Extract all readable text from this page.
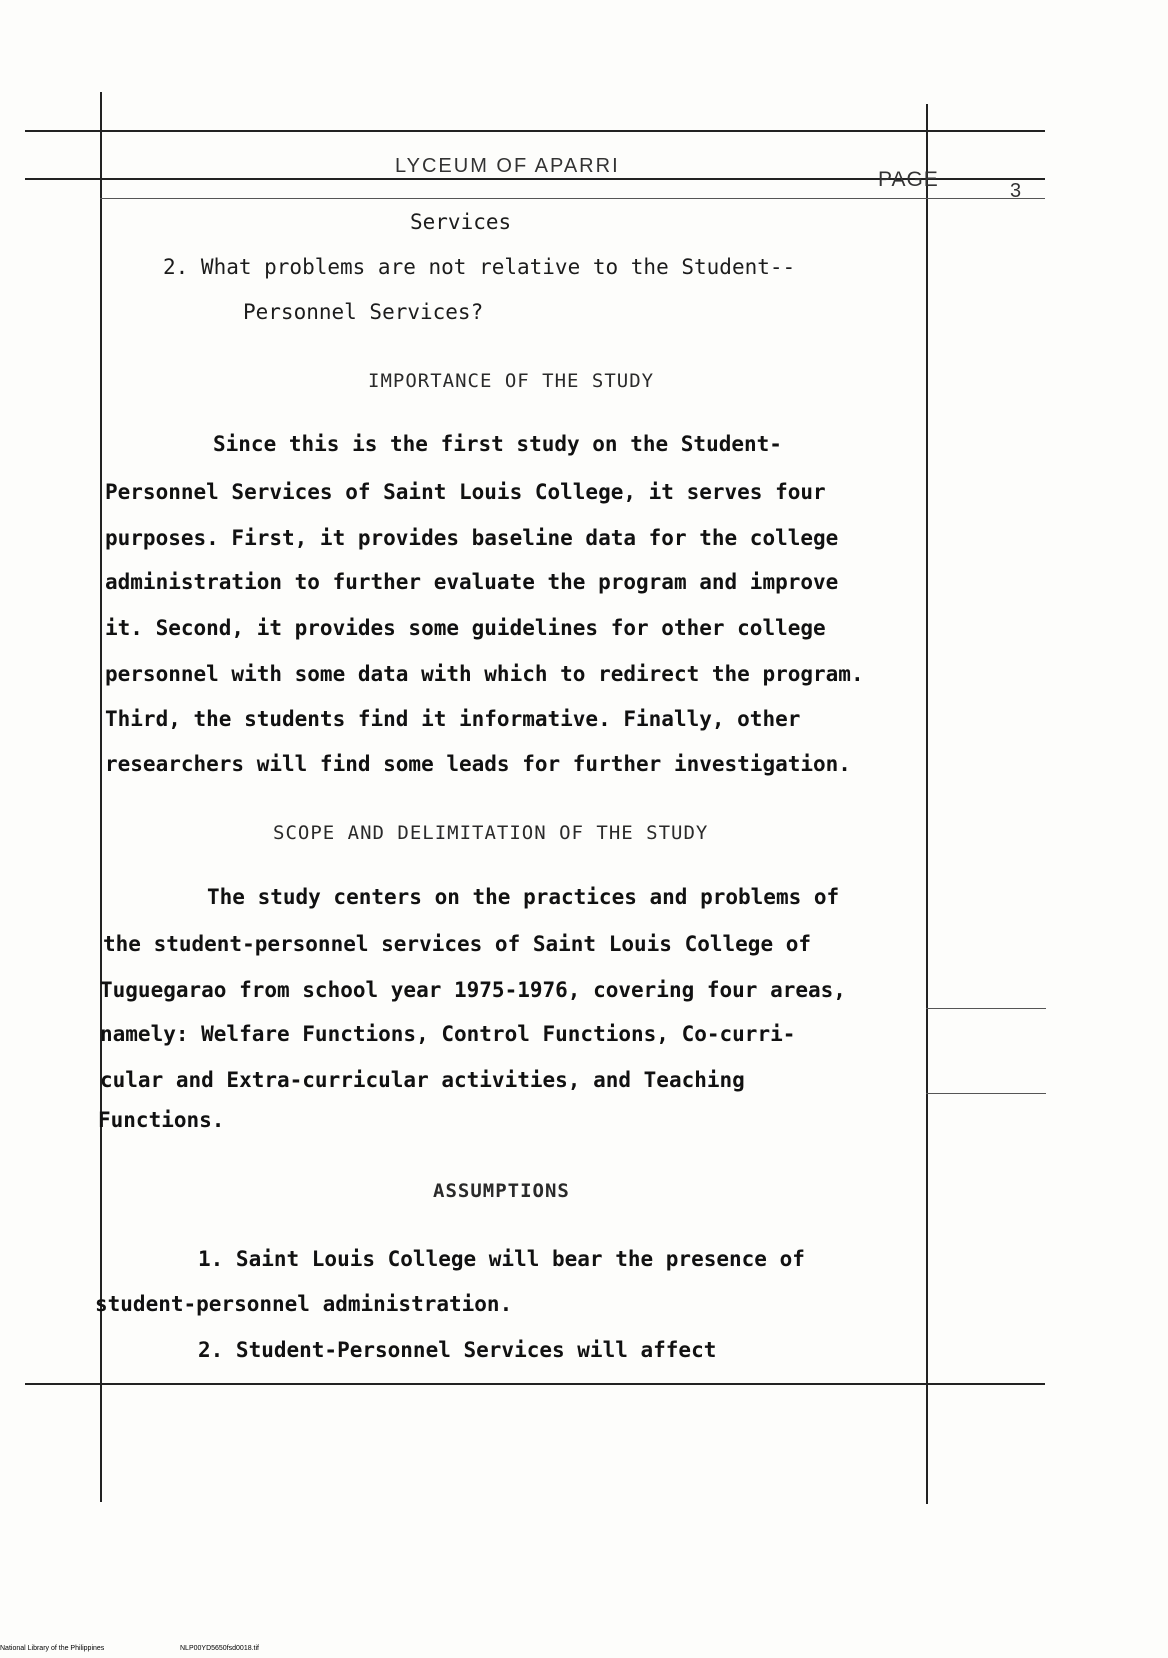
LYCEUM OF APARRI
PAGE	3
Services
2. What problems are not relative to the Student--
Personnel Services?
IMPORTANCE OF THE STUDY
Since this is the first study on the Student-
Personnel Services of Saint Louis College, it serves four
purposes. First, it provides baseline data for the college
administration to further evaluate the program and improve
it. Second, it provides some guidelines for other college
personnel with some data with which to redirect the program.
Third, the students find it informative. Finally, other
researchers will find some leads for further investigation.
SCOPE AND DELIMITATION OF THE STUDY
The study centers on the practices and problems of
the student-personnel services of Saint Louis College of
Tuguegarao from school year 1975-1976, covering four areas,
namely: Welfare Functions, Control Functions, Co-curri-
cular and Extra-curricular activities, and Teaching
Functions.
ASSUMPTIONS
1. Saint Louis College will bear the presence of
student-personnel administration.
2. Student-Personnel Services will affect
National Library of the Philippines	NLP00YD5650fsd0018.tif
